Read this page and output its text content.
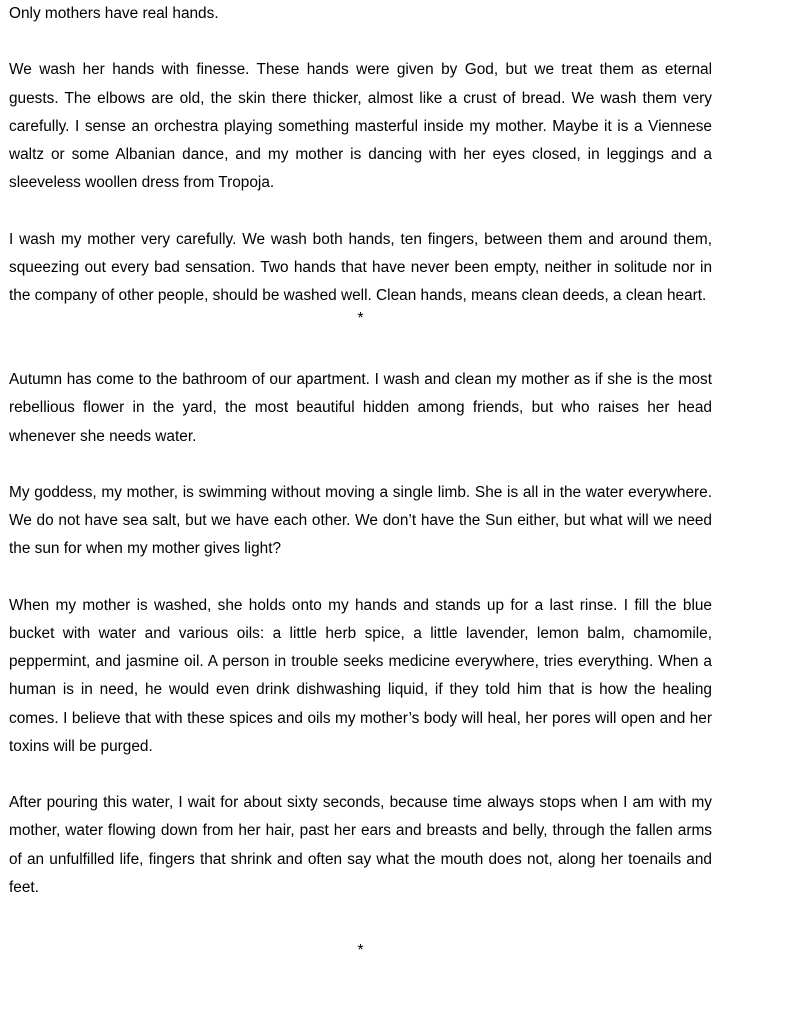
Only mothers have real hands.

We wash her hands with finesse. These hands were given by God, but we treat them as eternal guests. The elbows are old, the skin there thicker, almost like a crust of bread. We wash them very carefully. I sense an orchestra playing something masterful inside my mother. Maybe it is a Viennese waltz or some Albanian dance, and my mother is dancing with her eyes closed, in leggings and a sleeveless woollen dress from Tropoja.

I wash my mother very carefully. We wash both hands, ten fingers, between them and around them, squeezing out every bad sensation. Two hands that have never been empty, neither in solitude nor in the company of other people, should be washed well. Clean hands, means clean deeds, a clean heart.

*

Autumn has come to the bathroom of our apartment. I wash and clean my mother as if she is the most rebellious flower in the yard, the most beautiful hidden among friends, but who raises her head whenever she needs water.

My goddess, my mother, is swimming without moving a single limb. She is all in the water everywhere. We do not have sea salt, but we have each other. We don’t have the Sun either, but what will we need the sun for when my mother gives light?

When my mother is washed, she holds onto my hands and stands up for a last rinse. I fill the blue bucket with water and various oils: a little herb spice, a little lavender, lemon balm, chamomile, peppermint, and jasmine oil. A person in trouble seeks medicine everywhere, tries everything. When a human is in need, he would even drink dishwashing liquid, if they told him that is how the healing comes. I believe that with these spices and oils my mother’s body will heal, her pores will open and her toxins will be purged.

After pouring this water, I wait for about sixty seconds, because time always stops when I am with my mother, water flowing down from her hair, past her ears and breasts and belly, through the fallen arms of an unfulfilled life, fingers that shrink and often say what the mouth does not, along her toenails and feet.

*
